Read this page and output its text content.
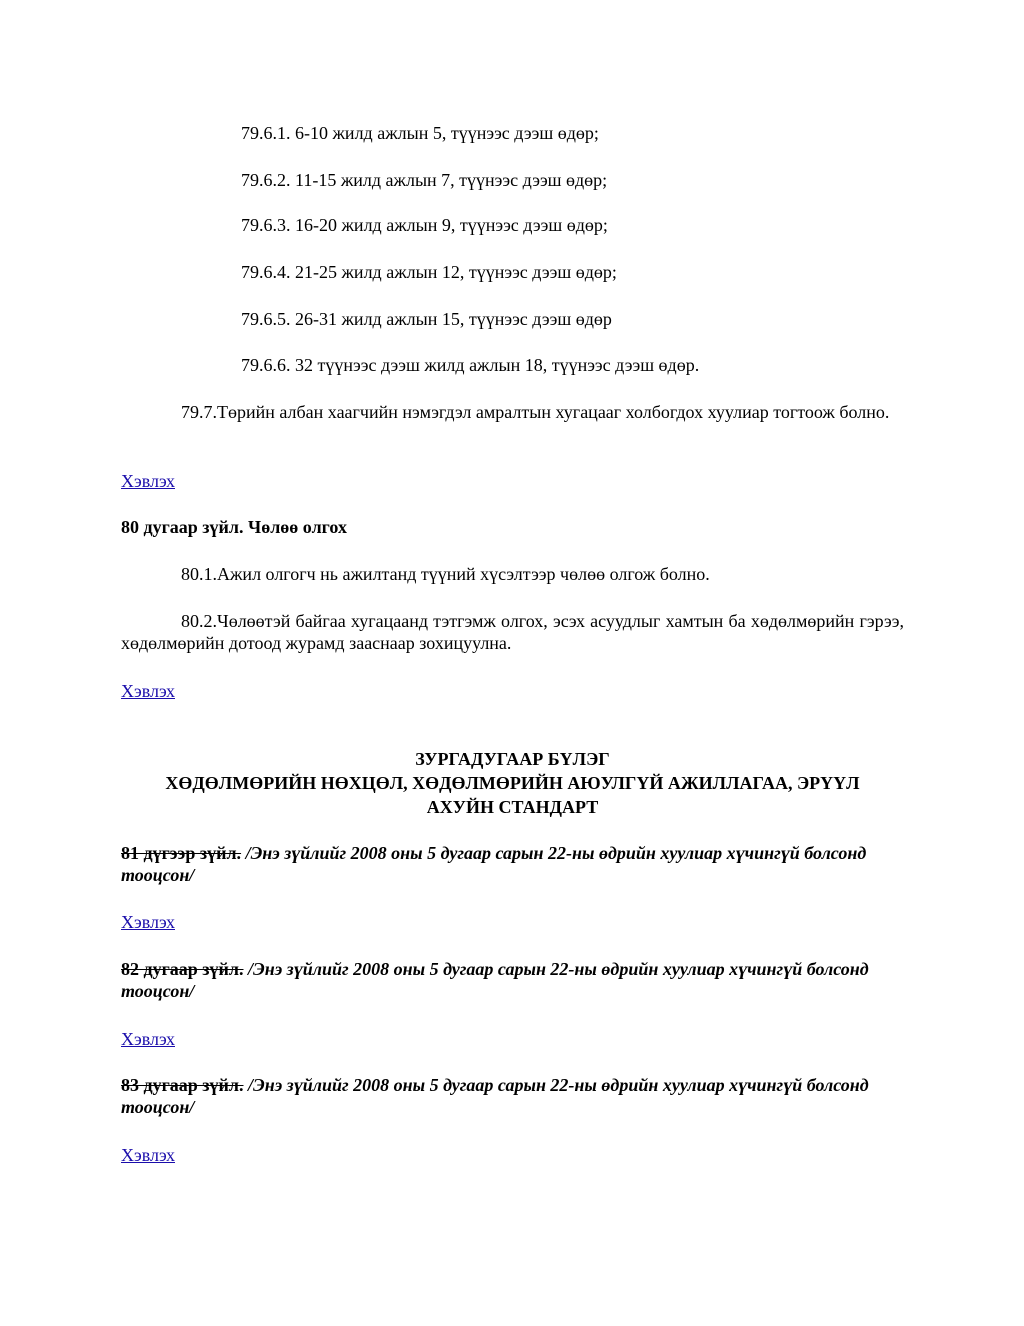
79.6.1. 6-10 жилд ажлын 5, түүнээс дээш өдөр;
79.6.2. 11-15 жилд ажлын 7, түүнээс дээш өдөр;
79.6.3. 16-20 жилд ажлын 9, түүнээс дээш өдөр;
79.6.4. 21-25 жилд ажлын 12, түүнээс дээш өдөр;
79.6.5. 26-31 жилд ажлын 15, түүнээс дээш өдөр
79.6.6. 32 түүнээс дээш жилд ажлын 18, түүнээс дээш өдөр.
79.7.Төрийн албан хаагчийн нэмэгдэл амралтын хугацааг холбогдох хуулиар тогтоож болно.
Хэвлэх
80 дугаар зүйл. Чөлөө олгох
80.1.Ажил олгогч нь ажилтанд түүний хүсэлтээр чөлөө олгож болно.
80.2.Чөлөөтэй байгаа хугацаанд тэтгэмж олгох, эсэх асуудлыг хамтын ба хөдөлмөрийн гэрээ, хөдөлмөрийн дотоод журамд зааснаар зохицуулна.
Хэвлэх
ЗУРГАДУГААР БҮЛЭГ
ХӨДӨЛМӨРИЙН НӨХЦӨЛ, ХӨДӨЛМӨРИЙН АЮУЛГҮЙ АЖИЛЛАГАА, ЭРҮҮЛ
АХУЙН СТАНДАРТ
81 дүгээр зүйл. /Энэ зүйлийг 2008 оны 5 дугаар сарын 22-ны өдрийн хуулиар хүчингүй болсонд тооцсон/
Хэвлэх
82 дугаар зүйл. /Энэ зүйлийг 2008 оны 5 дугаар сарын 22-ны өдрийн хуулиар хүчингүй болсонд тооцсон/
Хэвлэх
83 дугаар зүйл. /Энэ зүйлийг 2008 оны 5 дугаар сарын 22-ны өдрийн хуулиар хүчингүй болсонд тооцсон/
Хэвлэх
